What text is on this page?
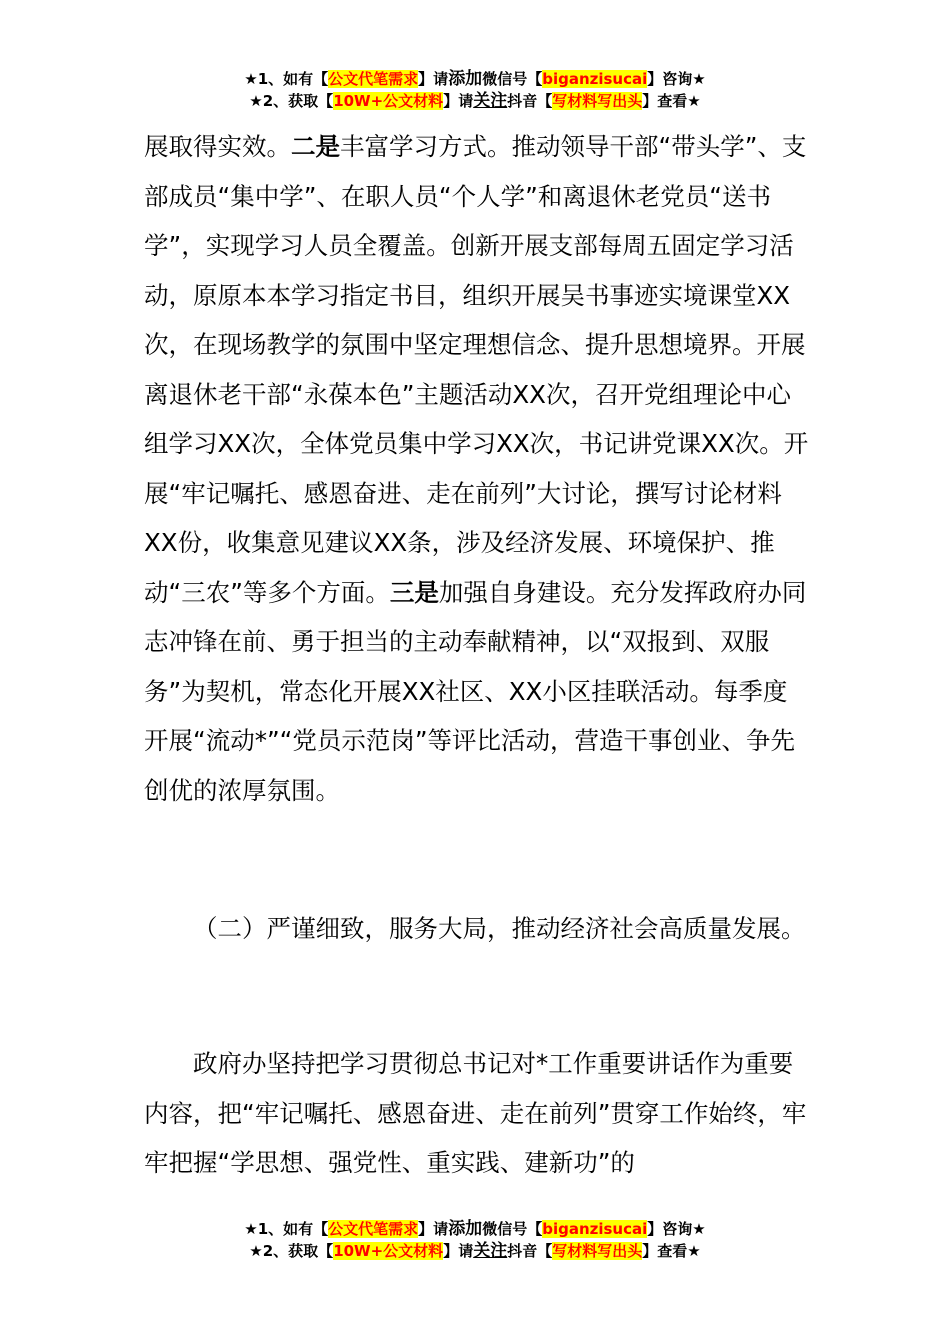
★1、如有【公文代笔需求】请添加微信号【biganzisucai】咨询★
★2、获取【10W+公文材料】请关注抖音【写材料写出头】查看★

展取得实效。二是丰富学习方式。推动领导干部“带头学”、支部成员“集中学”、在职人员“个人学”和离退休老党员“送书学”，实现学习人员全覆盖。创新开展支部每周五固定学习活动，原原本本学习指定书目，组织开展吴书事迹实境课堂XX次，在现场教学的氛围中坚定理想信念、提升思想境界。开展离退休老干部“永葆本色”主题活动XX次，召开党组理论中心组学习XX次，全体党员集中学习XX次，书记讲党课XX次。开展“牢记嘱托、感恩奋进、走在前列”大讨论，撰写讨论材料XX份，收集意见建议XX条，涉及经济发展、环境保护、推动“三农”等多个方面。三是加强自身建设。充分发挥政府办同志冲锋在前、勇于担当的主动奉献精神，以“双报到、双服务”为契机，常态化开展XX社区、XX小区挂联活动。每季度开展“流动*”“党员示范岗”等评比活动，营造干事创业、争先创优的浓厚氛围。

（二）严谨细致，服务大局，推动经济社会高质量发展。

政府办坚持把学习贯彻总书记对*工作重要讲话作为重要内容，把“牢记嘱托、感恩奋进、走在前列”贯穿工作始终，牢牢把握“学思想、强党性、重实践、建新功”的

★1、如有【公文代笔需求】请添加微信号【biganzisucai】咨询★
★2、获取【10W+公文材料】请关注抖音【写材料写出头】查看★
